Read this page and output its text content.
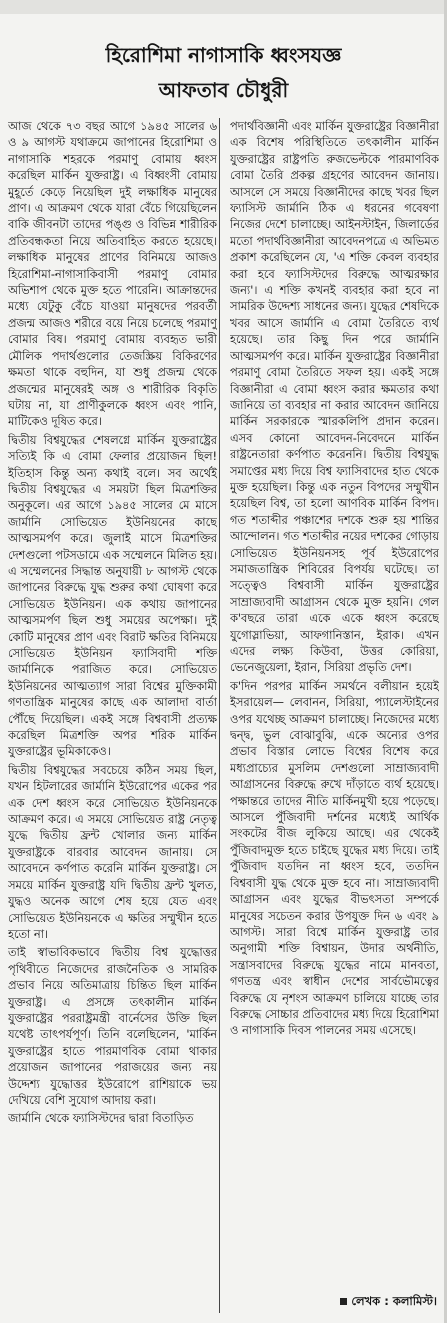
হিরোশিমা নাগাসাকি ধ্বংসযজ্ঞ
আফতাব চৌধুরী

আজ থেকে ৭৩ বছর আগে ১৯৪৫ সালের ৬ ও ৯ আগস্ট যথাক্রমে জাপানের হিরোশিমা ও নাগাসাকি শহরকে পরমাণু বোমায় ধ্বংস করেছিল মার্কিন যুক্তরাষ্ট্র। এ বিধ্বংসী বোমায় মুহূর্তে কেড়ে নিয়েছিল দুই লক্ষাধিক মানুষের প্রাণ। এ আক্রমণ থেকে যারা বেঁচে গিয়েছিলেন বাকি জীবনটা তাদের পঙ্গু ও বিভিন্ন শারীরিক প্রতিবন্ধকতা নিয়ে অতিবাহিত করতে হয়েছে। লক্ষাধিক মানুষের প্রাণের বিনিময়ে আজও হিরোশিমা-নাগাসাকিবাসী পরমাণু বোমার অভিশাপ থেকে মুক্ত হতে পারেনি। আক্রান্তদের মধ্যে যেটুকু বেঁচে যাওয়া মানুষদের পরবর্তী প্রজন্ম আজও শরীরে বয়ে নিয়ে চলেছে পরমাণু বোমার বিষ। পরমাণু বোমায় ব্যবহৃত ভারী মৌলিক পদার্থগুলোর তেজস্ক্রিয় বিকিরণের ক্ষমতা থাকে বহুদিন, যা শুধু প্রজন্ম থেকে প্রজন্মের মানুষেরই অঙ্গ ও শারীরিক বিকৃতি ঘটায় না, যা প্রাণীকুলকে ধ্বংস এবং পানি, মাটিকেও দূষিত করে।

দ্বিতীয় বিশ্বযুদ্ধের শেষলগ্নে মার্কিন যুক্তরাষ্ট্রের সত্যিই কি এ বোমা ফেলার প্রয়োজন ছিল! ইতিহাস কিন্তু অন্য কথাই বলে। সব অর্থেই দ্বিতীয় বিশ্বযুদ্ধের এ সময়টা ছিল মিত্রশক্তির অনুকূলে। এর আগে ১৯৪৫ সালের মে মাসে জার্মানি সোভিয়েত ইউনিয়নের কাছে আত্মসমর্পণ করে। জুলাই মাসে মিত্রশক্তির দেশগুলো পটসডামে এক সম্মেলনে মিলিত হয়। এ সম্মেলনের সিদ্ধান্ত অনুযায়ী ৮ আগস্ট থেকে জাপানের বিরুদ্ধে যুদ্ধ শুরুর কথা ঘোষণা করে সোভিয়েত ইউনিয়ন। এক কথায় জাপানের আত্মসমর্পণ ছিল শুধু সময়ের অপেক্ষা। দুই কোটি মানুষের প্রাণ এবং বিরাট ক্ষতির বিনিময়ে সোভিয়েত ইউনিয়ন ফ্যাসিবাদী শক্তি জার্মানিকে পরাজিত করে। সোভিয়েত ইউনিয়নের আত্মত্যাগ সারা বিশ্বের মুক্তিকামী গণতান্ত্রিক মানুষের কাছে এক আলাদা বার্তা পৌঁছে দিয়েছিল। একই সঙ্গে বিশ্ববাসী প্রত্যক্ষ করেছিল মিত্রশক্তি অপর শরিক মার্কিন যুক্তরাষ্ট্রের ভূমিকাকেও।

দ্বিতীয় বিশ্বযুদ্ধের সবচেয়ে কঠিন সময় ছিল, যখন হিটলারের জার্মানি ইউরোপের একের পর এক দেশ ধ্বংস করে সোভিয়েত ইউনিয়নকে আক্রমণ করে। এ সময়ে সোভিয়েত রাষ্ট্র নেতৃত্ব যুদ্ধে দ্বিতীয় ফ্রন্ট খোলার জন্য মার্কিন যুক্তরাষ্ট্রকে বারবার আবেদন জানায়। সে আবেদনে কর্ণপাত করেনি মার্কিন যুক্তরাষ্ট্র। সে সময়ে মার্কিন যুক্তরাষ্ট্র যদি দ্বিতীয় ফ্রন্ট খুলত, যুদ্ধও অনেক আগে শেষ হয়ে যেত এবং সোভিয়েত ইউনিয়নকে এ ক্ষতির সম্মুখীন হতে হতো না।

তাই স্বাভাবিকভাবে দ্বিতীয় বিশ্ব যুদ্ধোত্তর পৃথিবীতে নিজেদের রাজনৈতিক ও সামরিক প্রভাব নিয়ে অতিমাত্রায় চিন্তিত ছিল মার্কিন যুক্তরাষ্ট্র। এ প্রসঙ্গে তৎকালীন মার্কিন যুক্তরাষ্ট্রের পররাষ্ট্রমন্ত্রী বার্নেসের উক্তি ছিল যথেষ্ট তাৎপর্যপূর্ণ। তিনি বলেছিলেন, 'মার্কিন যুক্তরাষ্ট্রের হাতে পারমাণবিক বোমা থাকার প্রয়োজন জাপানের পরাজয়ের জন্য নয় উদ্দেশ্য যুদ্ধোত্তর ইউরোপে রাশিয়াকে ভয় দেখিয়ে বেশি সুযোগ আদায় করা।

জার্মানি থেকে ফ্যাসিস্টদের দ্বারা বিতাড়িত

পদার্থবিজ্ঞানী এবং মার্কিন যুক্তরাষ্ট্রের বিজ্ঞানীরা এক বিশেষ পরিস্থিতিতে তৎকালীন মার্কিন যুক্তরাষ্ট্রের রাষ্ট্রপতি রুজভেল্টকে পারমাণবিক বোমা তৈরি প্রকল্প গ্রহণের আবেদন জানায়। আসলে সে সময়ে বিজ্ঞানীদের কাছে খবর ছিল ফ্যাসিস্ট জার্মানি ঠিক এ ধরনের গবেষণা নিজের দেশে চালাচ্ছে। আইনস্টাইন, জিলার্ডের মতো পদার্থবিজ্ঞানীরা আবেদনপত্রে এ অভিমত প্রকাশ করেছিলেন যে, 'এ শক্তি কেবল ব্যবহার করা হবে ফ্যাসিস্টদের বিরুদ্ধে আত্মরক্ষার জন্য'। এ শক্তি কখনই ব্যবহার করা হবে না সামরিক উদ্দেশ্য সাধনের জন্য। যুদ্ধের শেষদিকে খবর আসে জার্মানি এ বোমা তৈরিতে ব্যর্থ হয়েছে। তার কিছু দিন পরে জার্মানি আত্মসমর্পণ করে। মার্কিন যুক্তরাষ্ট্রের বিজ্ঞানীরা পরমাণু বোমা তৈরিতে সফল হয়। একই সঙ্গে বিজ্ঞানীরা এ বোমা ধ্বংস করার ক্ষমতার কথা জানিয়ে তা ব্যবহার না করার আবেদন জানিয়ে মার্কিন সরকারকে স্মারকলিপি প্রদান করেন। এসব কোনো আবেদন-নিবেদনে মার্কিন রাষ্ট্রনেতারা কর্ণপাত করেননি। দ্বিতীয় বিশ্বযুদ্ধ সমাপ্তের মধ্য দিয়ে বিশ্ব ফ্যাসিবাদের হাত থেকে মুক্ত হয়েছিল। কিন্তু এক নতুন বিপদের সম্মুখীন হয়েছিল বিশ্ব, তা হলো আণবিক মার্কিন বিপদ। গত শতাব্দীর পঞ্চাশের দশকে শুরু হয় শান্তির আন্দোলন। গত শতাব্দীর নয়ের দশকের গোড়ায় সোভিয়েত ইউনিয়নসহ পূর্ব ইউরোপের সমাজতান্ত্রিক শিবিরের বিপর্যয় ঘটেছে। তা সত্ত্বেও বিশ্ববাসী মার্কিন যুক্তরাষ্ট্রের সাম্রাজ্যবাদী আগ্রাসন থেকে মুক্ত হয়নি। গেল ক'বছরে তারা একে একে ধ্বংস করেছে যুগোস্লাভিয়া, আফগানিস্তান, ইরাক। এখন এদের লক্ষ্য কিউবা, উত্তর কোরিয়া, ভেনেজুয়েলা, ইরান, সিরিয়া প্রভৃতি দেশ।

ক'দিন পরপর মার্কিন সমর্থনে বলীয়ান হয়েই ইসরায়েল— লেবানন, সিরিয়া, প্যালেস্টাইনের ওপর যথেচ্ছ আক্রমণ চালাচ্ছে। নিজেদের মধ্যে দ্বন্দ্ব, ভুল বোঝাবুঝি, একে অন্যের ওপর প্রভাব বিস্তার লোভে বিশ্বের বিশেষ করে মধ্যপ্রাচ্যের মুসলিম দেশগুলো সাম্রাজ্যবাদী আগ্রাসনের বিরুদ্ধে রুখে দাঁড়াতে ব্যর্থ হয়েছে। পক্ষান্তরে তাদের নীতি মার্কিনমুখী হয়ে পড়েছে। আসলে পুঁজিবাদী দর্শনের মধ্যেই আর্থিক সংকটের বীজ লুকিয়ে আছে। এর থেকেই পুঁজিবাদমুক্ত হতে চাইছে যুদ্ধের মধ্য দিয়ে। তাই পুঁজিবাদ যতদিন না ধ্বংস হবে, ততদিন বিশ্ববাসী যুদ্ধ থেকে মুক্ত হবে না। সাম্রাজ্যবাদী আগ্রাসন এবং যুদ্ধের বীভৎসতা সম্পর্কে মানুষের সচেতন করার উপযুক্ত দিন ৬ এবং ৯ আগস্ট। সারা বিশ্বে মার্কিন যুক্তরাষ্ট্র তার অনুগামী শক্তি বিশ্বায়ন, উদার অর্থনীতি, সন্ত্রাসবাদের বিরুদ্ধে যুদ্ধের নামে মানবতা, গণতন্ত্র এবং স্বাধীন দেশের সার্বভৌমত্বের বিরুদ্ধে যে নৃশংস আক্রমণ চালিয়ে যাচ্ছে তার বিরুদ্ধে সোচ্চার প্রতিবাদের মধ্য দিয়ে হিরোশিমা ও নাগাসাকি দিবস পালনের সময় এসেছে।

লেখক : কলামিস্ট।
